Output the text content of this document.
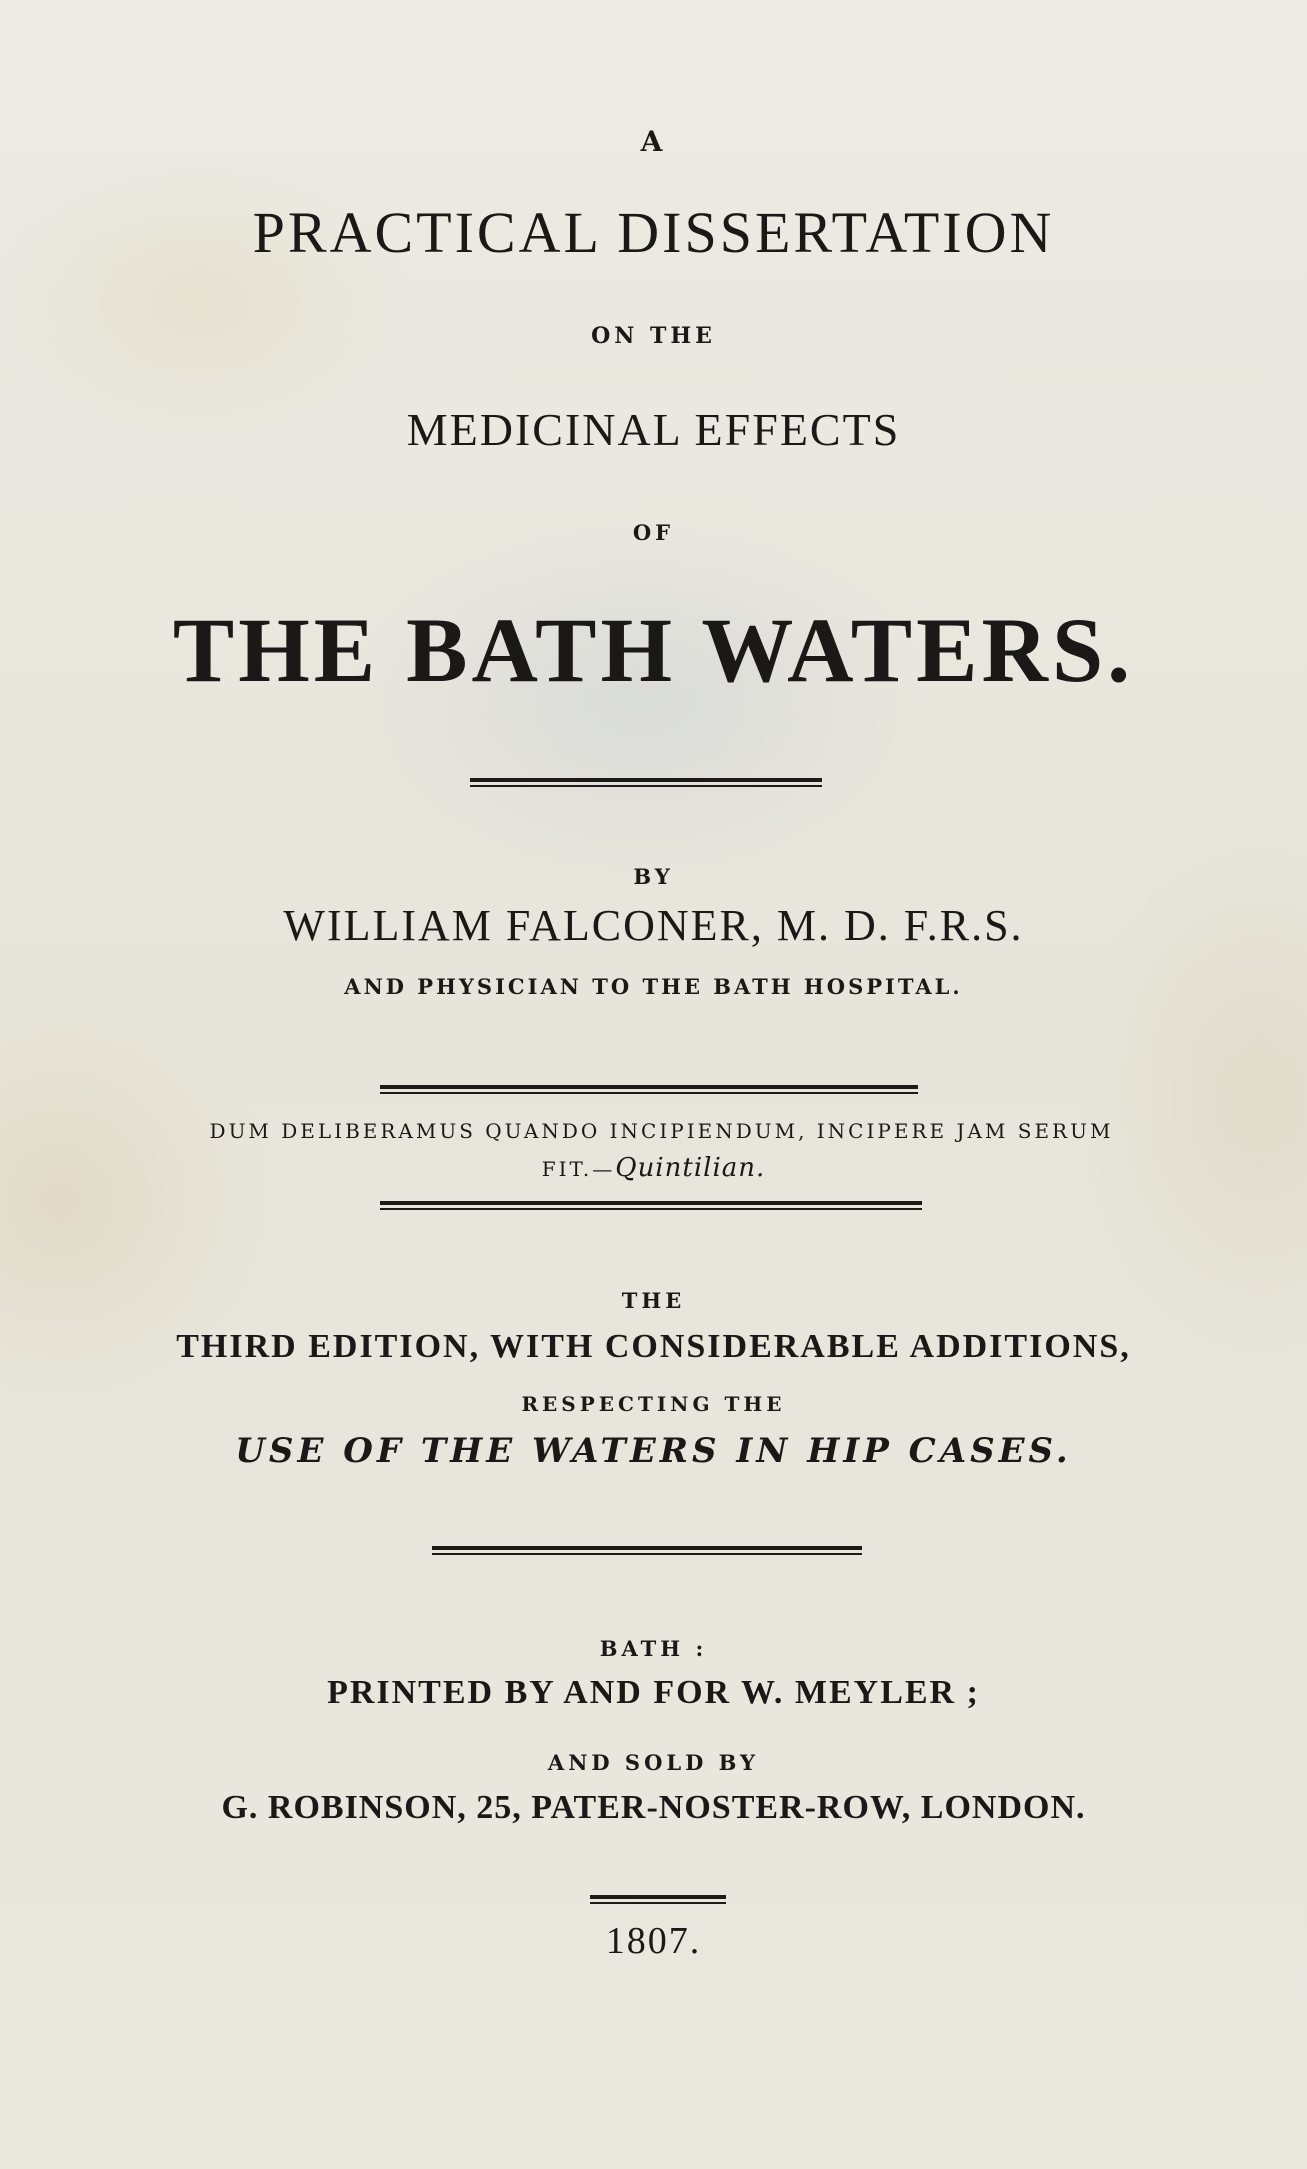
A
PRACTICAL DISSERTATION
ON THE
MEDICINAL EFFECTS
OF
THE BATH WATERS.
BY
WILLIAM FALCONER, M. D. F.R.S.
AND PHYSICIAN TO THE BATH HOSPITAL.
DUM DELIBERAMUS QUANDO INCIPIENDUM, INCIPERE JAM SERUM
FIT.—Quintilian.
THE
THIRD EDITION, WITH CONSIDERABLE ADDITIONS,
RESPECTING THE
USE OF THE WATERS IN HIP CASES.
BATH :
PRINTED BY AND FOR W. MEYLER ;
AND SOLD BY
G. ROBINSON, 25, PATER-NOSTER-ROW, LONDON.
1807.
